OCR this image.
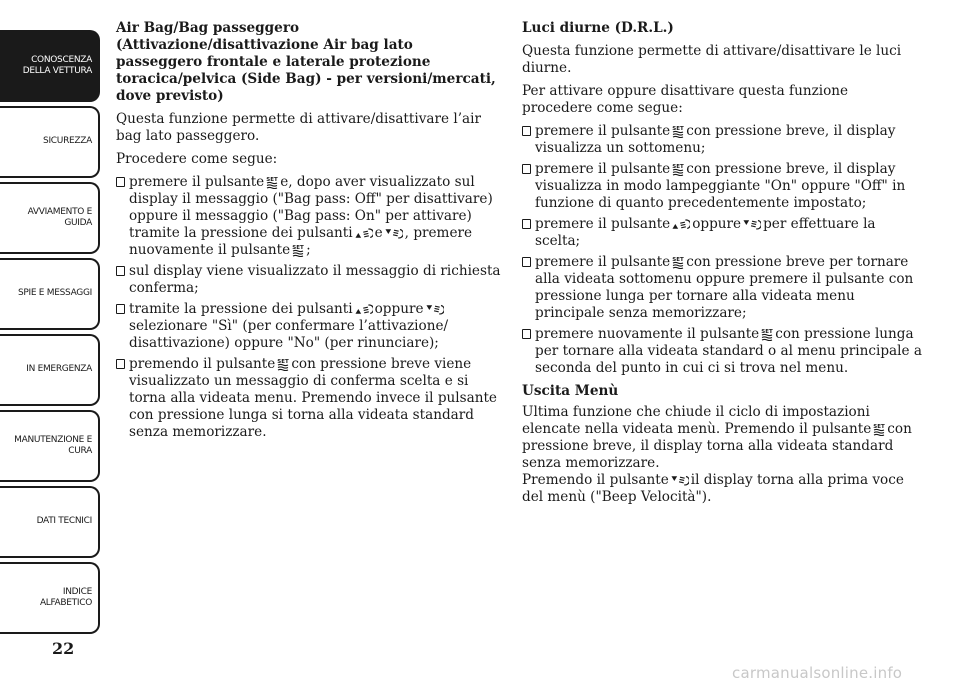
CONOSCENZA
DELLA VETTURA
SICUREZZA
AVVIAMENTO E
GUIDA
SPIE E MESSAGGI
IN EMERGENZA
MANUTENZIONE E
CURA
DATI TECNICI
INDICE
ALFABETICO
22
Air Bag/Bag passeggero (Attivazione/disattivazione Air bag lato passeggero frontale e laterale protezione toracica/pelvica (Side Bag) - per versioni/mercati, dove previsto)
Questa funzione permette di attivare/disattivare l’air bag lato passeggero.
Procedere come segue:
premere il pulsante SET e, dopo aver visualizzato sul display il messaggio ("Bag pass: Off" per disattivare) oppure il messaggio ("Bag pass: On" per attivare) tramite la pressione dei pulsanti e , premere nuovamente il pulsante SET ;
sul display viene visualizzato il messaggio di richiesta conferma;
tramite la pressione dei pulsanti oppure
selezionare "Sì" (per confermare l’attivazione/ disattivazione) oppure "No" (per rinunciare);
premendo il pulsante SET con pressione breve viene visualizzato un messaggio di conferma scelta e si torna alla videata menu. Premendo invece il pulsante con pressione lunga si torna alla videata standard senza memorizzare.
Luci diurne (D.R.L.)
Questa funzione permette di attivare/disattivare le luci diurne.
Per attivare oppure disattivare questa funzione procedere come segue:
premere il pulsante SET con pressione breve, il display visualizza un sottomenu;
premere il pulsante SET con pressione breve, il display visualizza in modo lampeggiante "On" oppure "Off" in funzione di quanto precedentemente impostato;
premere il pulsante oppure per effettuare la scelta;
premere il pulsante SET con pressione breve per tornare alla videata sottomenu oppure premere il pulsante con pressione lunga per tornare alla videata menu principale senza memorizzare;
premere nuovamente il pulsante SET con pressione lunga per tornare alla videata standard o al menu principale a seconda del punto in cui ci si trova nel menu.
Uscita Menù
Ultima funzione che chiude il ciclo di impostazioni elencate nella videata menù. Premendo il pulsante SET con pressione breve, il display torna alla videata standard senza memorizzare.
Premendo il pulsante il display torna alla prima voce del menù ("Beep Velocità").
carmanualsonline.info
